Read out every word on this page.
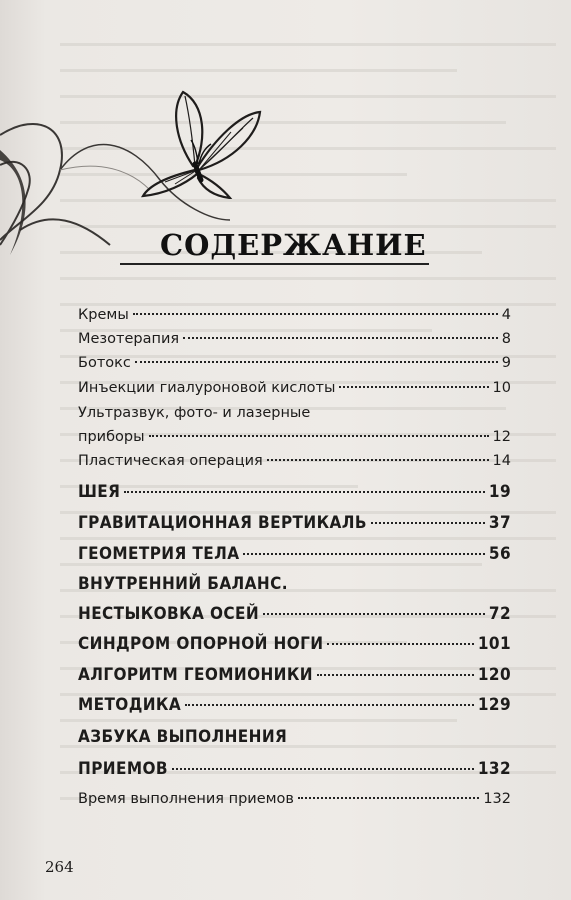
СОДЕРЖАНИЕ
Кремы	4
Мезотерапия	8
Ботокс	9
Инъекции гиалуроновой кислоты	10
Ультразвук, фото- и лазерные
приборы	12
Пластическая операция	14
ШЕЯ	19
ГРАВИТАЦИОННАЯ ВЕРТИКАЛЬ	37
ГЕОМЕТРИЯ ТЕЛА	56
ВНУТРЕННИЙ БАЛАНС.
НЕСТЫКОВКА ОСЕЙ	72
СИНДРОМ ОПОРНОЙ НОГИ	101
АЛГОРИТМ ГЕОМИОНИКИ	120
МЕТОДИКА	129
АЗБУКА ВЫПОЛНЕНИЯ
ПРИЕМОВ	132
Время выполнения приемов	132
264
